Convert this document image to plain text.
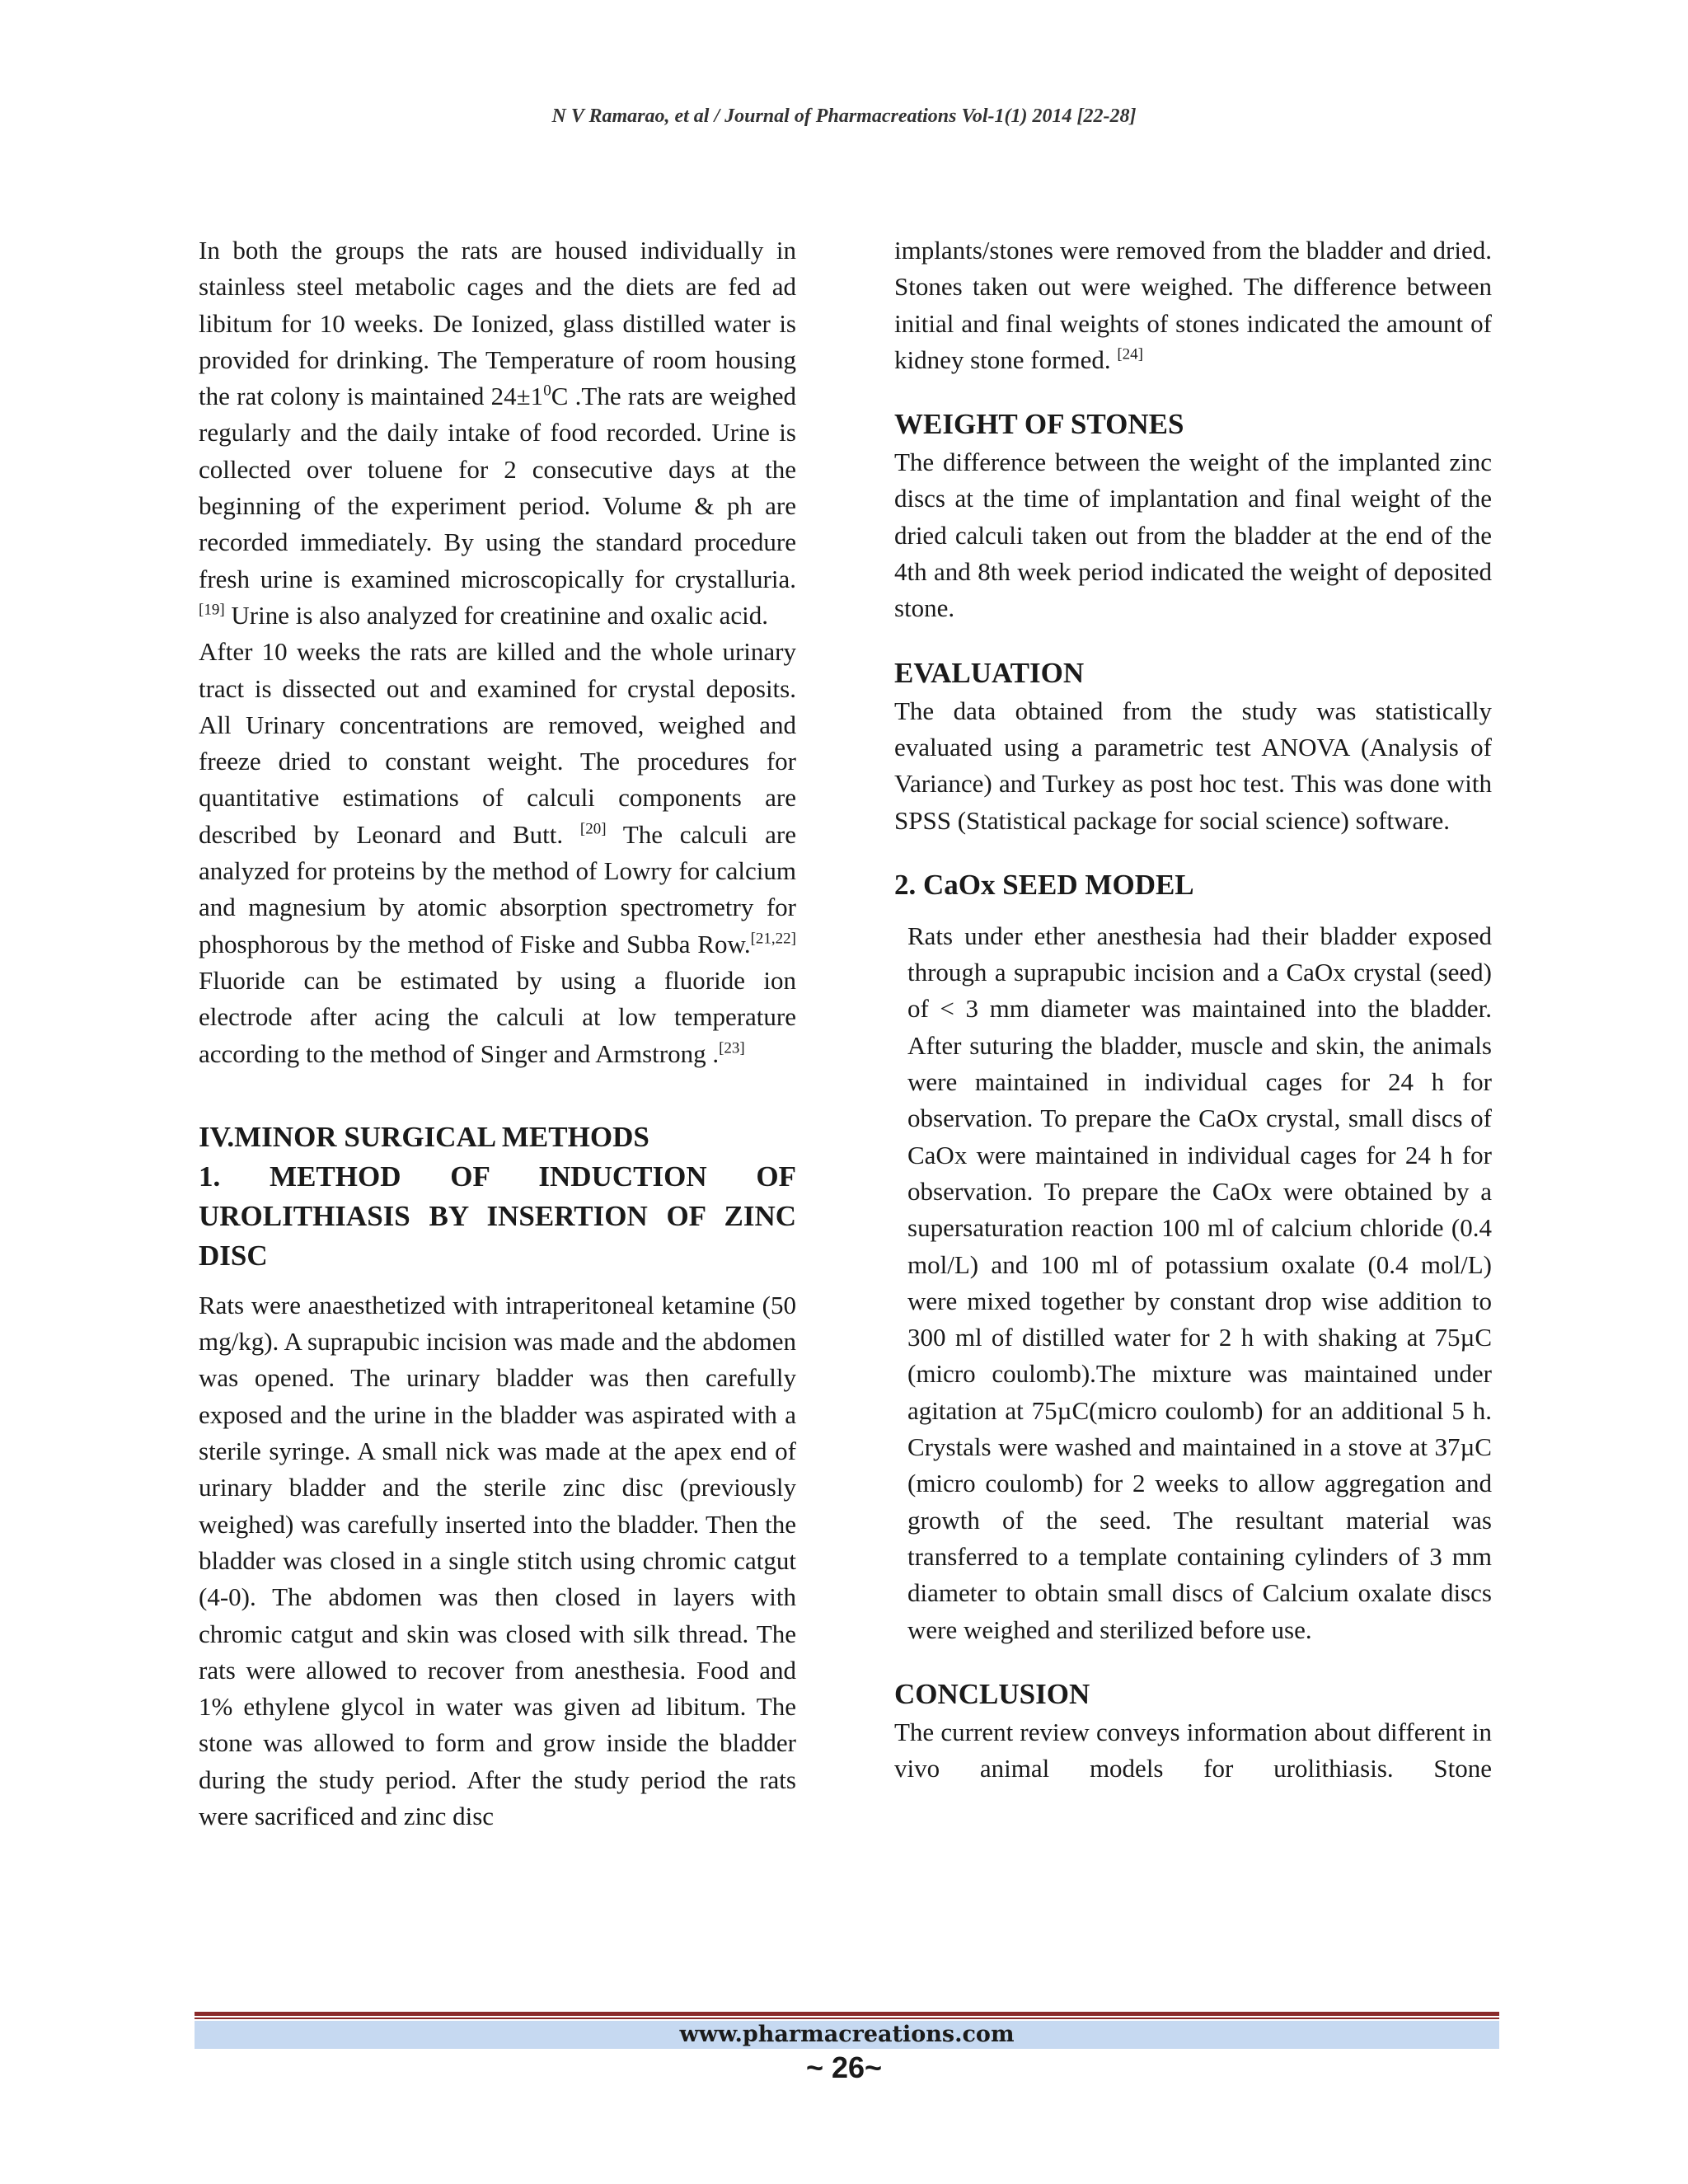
N V Ramarao, et al / Journal of Pharmacreations Vol-1(1) 2014 [22-28]

In both the groups the rats are housed individually in stainless steel metabolic cages and the diets are fed ad libitum for 10 weeks. De Ionized, glass distilled water is provided for drinking. The Temperature of room housing the rat colony is maintained $24\pm 1^0C$ .The rats are weighed regularly and the daily intake of food recorded. Urine is collected over toluene for 2 consecutive days at the beginning of the experiment period. Volume & ph are recorded immediately. By using the standard procedure fresh urine is examined microscopically for crystalluria. [19] Urine is also analyzed for creatinine and oxalic acid.

After 10 weeks the rats are killed and the whole urinary tract is dissected out and examined for crystal deposits. All Urinary concentrations are removed, weighed and freeze dried to constant weight. The procedures for quantitative estimations of calculi components are described by Leonard and Butt. [20] The calculi are analyzed for proteins by the method of Lowry for calcium and magnesium by atomic absorption spectrometry for phosphorous by the method of Fiske and Subba Row.[21,22] Fluoride can be estimated by using a fluoride ion electrode after acing the calculi at low temperature according to the method of Singer and Armstrong .[23]

IV.MINOR SURGICAL METHODS

1. METHOD OF INDUCTION OF UROLITHIASIS BY INSERTION OF ZINC DISC

Rats were anaesthetized with intraperitoneal ketamine (50 mg/kg). A suprapubic incision was made and the abdomen was opened. The urinary bladder was then carefully exposed and the urine in the bladder was aspirated with a sterile syringe. A small nick was made at the apex end of urinary bladder and the sterile zinc disc (previously weighed) was carefully inserted into the bladder. Then the bladder was closed in a single stitch using chromic catgut (4-0). The abdomen was then closed in layers with chromic catgut and skin was closed with silk thread. The rats were allowed to recover from anesthesia. Food and 1% ethylene glycol in water was given ad libitum. The stone was allowed to form and grow inside the bladder during the study period. After the study period the rats were sacrificed and zinc disc

implants/stones were removed from the bladder and dried. Stones taken out were weighed. The difference between initial and final weights of stones indicated the amount of kidney stone formed. [24]

WEIGHT OF STONES

The difference between the weight of the implanted zinc discs at the time of implantation and final weight of the dried calculi taken out from the bladder at the end of the 4th and 8th week period indicated the weight of deposited stone.

EVALUATION

The data obtained from the study was statistically evaluated using a parametric test ANOVA (Analysis of Variance) and Turkey as post hoc test. This was done with SPSS (Statistical package for social science) software.

2. CaOx SEED MODEL

Rats under ether anesthesia had their bladder exposed through a suprapubic incision and a CaOx crystal (seed) of < 3 mm diameter was maintained into the bladder. After suturing the bladder, muscle and skin, the animals were maintained in individual cages for 24 h for observation. To prepare the CaOx crystal, small discs of CaOx were maintained in individual cages for 24 h for observation. To prepare the CaOx were obtained by a supersaturation reaction 100 ml of calcium chloride (0.4 mol/L) and 100 ml of potassium oxalate (0.4 mol/L) were mixed together by constant drop wise addition to 300 ml of distilled water for 2 h with shaking at 75µC (micro coulomb).The mixture was maintained under agitation at 75µC(micro coulomb) for an additional 5 h. Crystals were washed and maintained in a stove at 37µC (micro coulomb) for 2 weeks to allow aggregation and growth of the seed. The resultant material was transferred to a template containing cylinders of 3 mm diameter to obtain small discs of Calcium oxalate discs were weighed and sterilized before use.

CONCLUSION

The current review conveys information about different in vivo animal models for urolithiasis. Stone

www.pharmacreations.com
~ 26~
